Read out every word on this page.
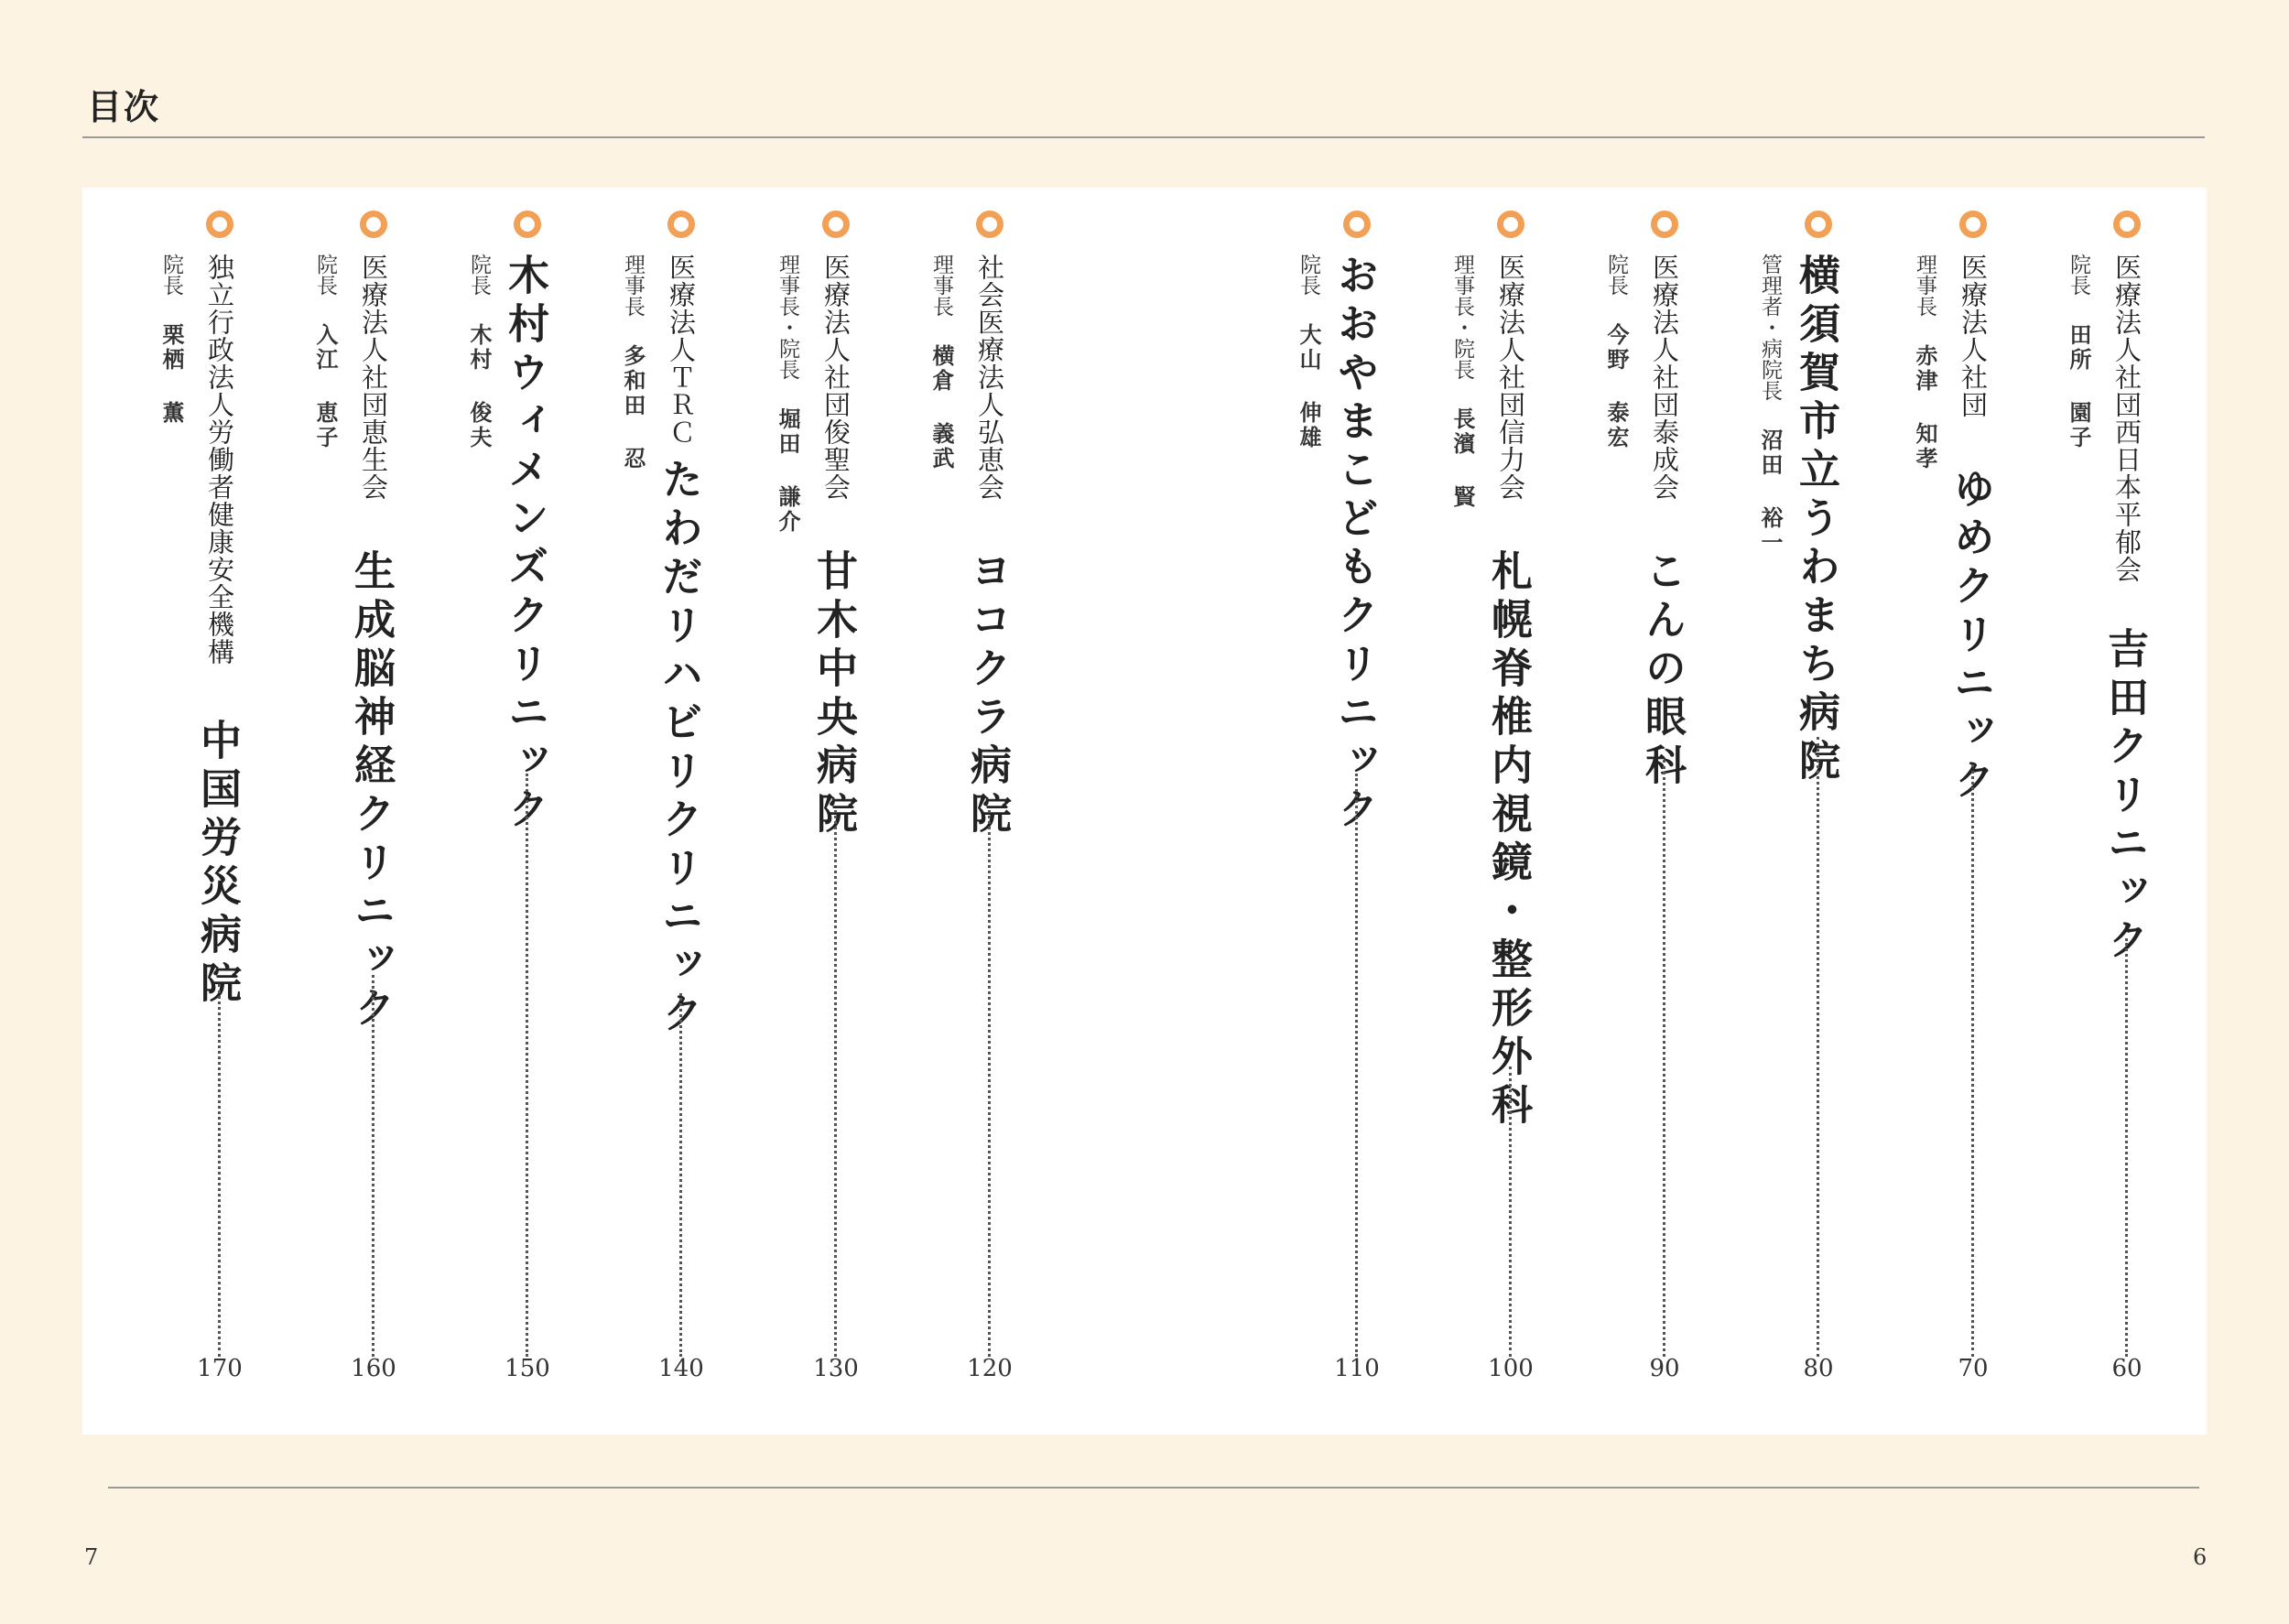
目次
医療法人社団西日本平郁会
院長田所 園子
吉田クリニック
60
医療法人社団
理事長赤津 知孝
ゆめクリニック
70
管理者・病院長沼田 裕一 横須賀市立うわまち病院
80
医療法人社団泰成会
院長今野 泰宏
こんの眼科
90
医療法人社団信力会
理事長・院長長濱 賢
札幌脊椎内視鏡・整形外科
100
院長大山 伸雄 おおやまこどもクリニック
110
社会医療法人弘恵会
理事長横倉 義武
ヨコクラ病院
120
医療法人社団俊聖会
理事長・院長堀田 謙介
甘木中央病院
130
医療法人ＴＲＣ
理事長多和田 忍
たわだリハビリクリニック
140
院長木村 俊夫 木村ウィメンズクリニック
150
医療法人社団恵生会
院長入江 恵子
生成脳神経クリニック
160
独立行政法人労働者健康安全機構
院長栗栖 薫
中国労災病院
170
7	6
